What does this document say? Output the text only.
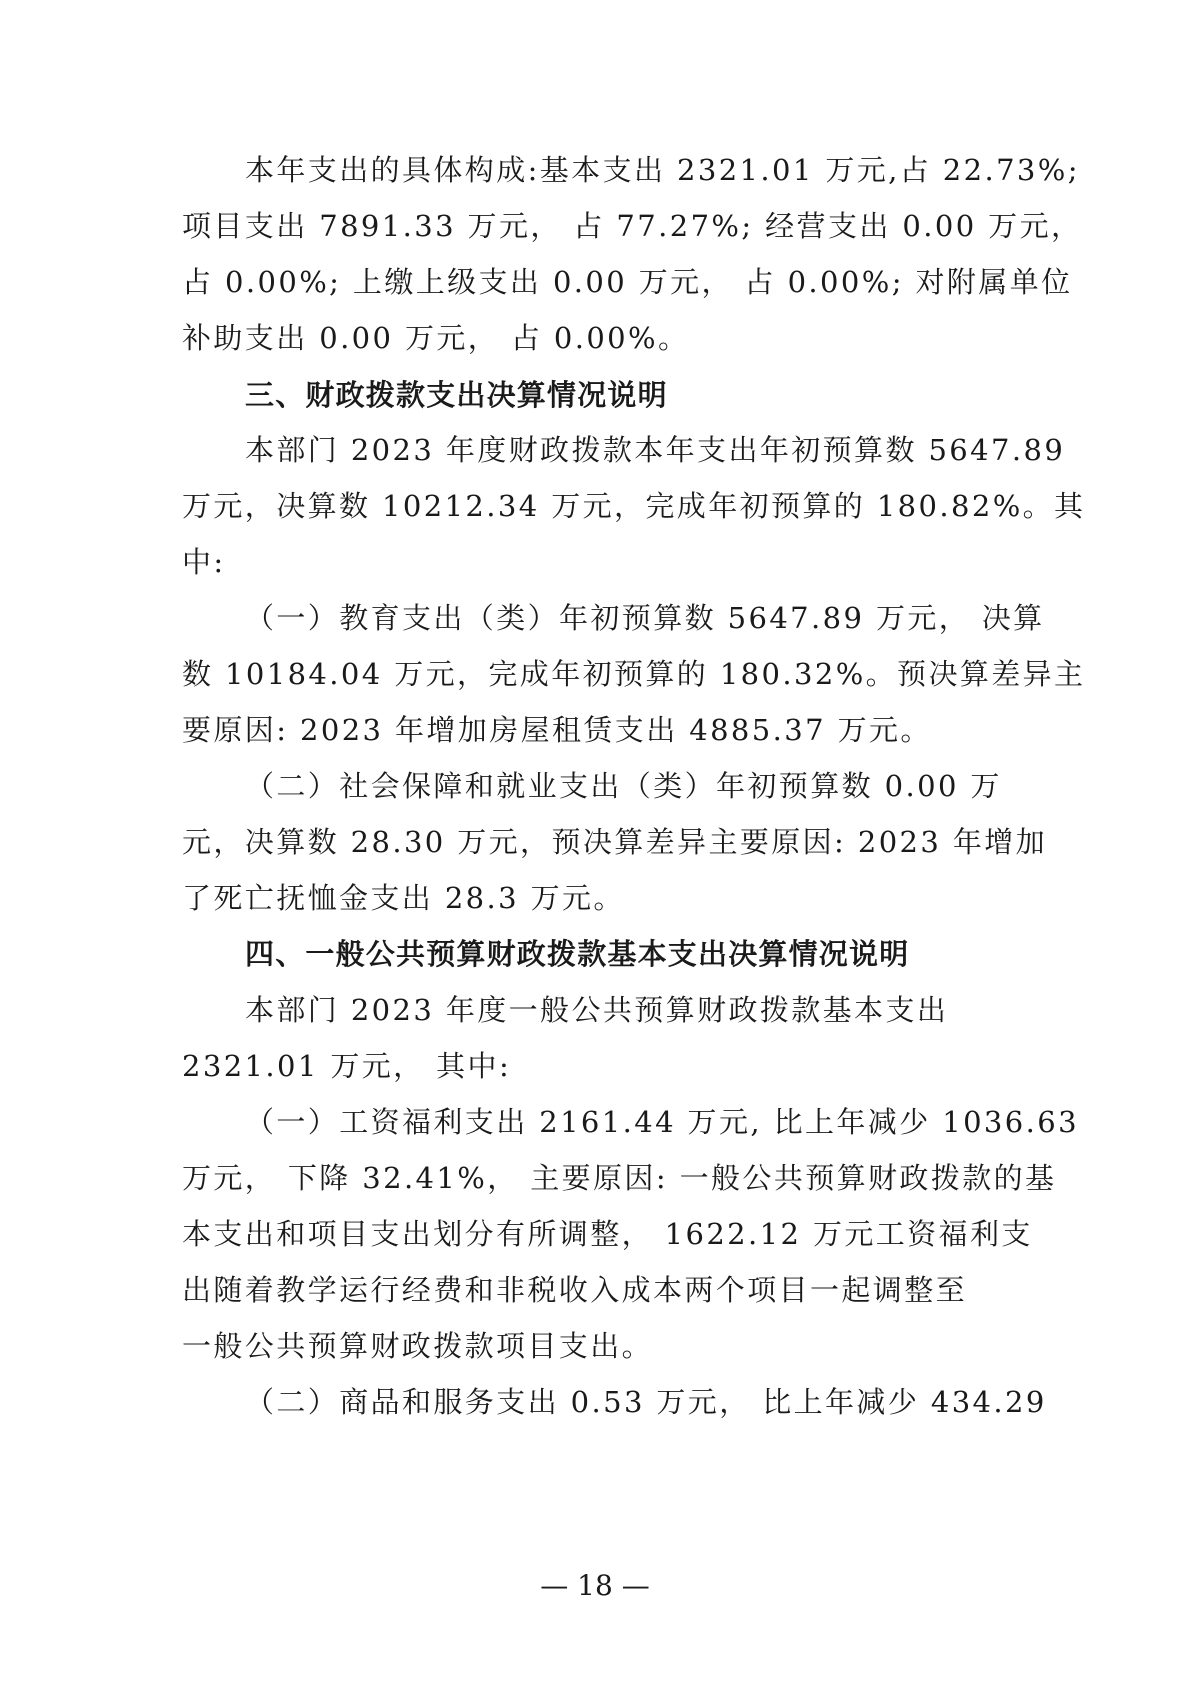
本年支出的具体构成:基本支出 2321.01 万元,占 22.73%;
项目支出 7891.33 万元， 占 77.27%; 经营支出 0.00 万元，
占 0.00%; 上缴上级支出 0.00 万元， 占 0.00%; 对附属单位
补助支出 0.00 万元， 占 0.00%。
三、财政拨款支出决算情况说明
本部门 2023 年度财政拨款本年支出年初预算数 5647.89
万元，决算数 10212.34 万元，完成年初预算的 180.82%。其
中:
（一）教育支出（类）年初预算数 5647.89 万元， 决算
数 10184.04 万元，完成年初预算的 180.32%。预决算差异主
要原因: 2023 年增加房屋租赁支出 4885.37 万元。
（二）社会保障和就业支出（类）年初预算数 0.00 万
元，决算数 28.30 万元，预决算差异主要原因: 2023 年增加
了死亡抚恤金支出 28.3 万元。
四、一般公共预算财政拨款基本支出决算情况说明
本部门 2023 年度一般公共预算财政拨款基本支出
2321.01 万元， 其中:
（一）工资福利支出 2161.44 万元, 比上年减少 1036.63
万元， 下降 32.41%， 主要原因: 一般公共预算财政拨款的基
本支出和项目支出划分有所调整， 1622.12 万元工资福利支
出随着教学运行经费和非税收入成本两个项目一起调整至
一般公共预算财政拨款项目支出。
（二）商品和服务支出 0.53 万元， 比上年减少 434.29
— 18 —
